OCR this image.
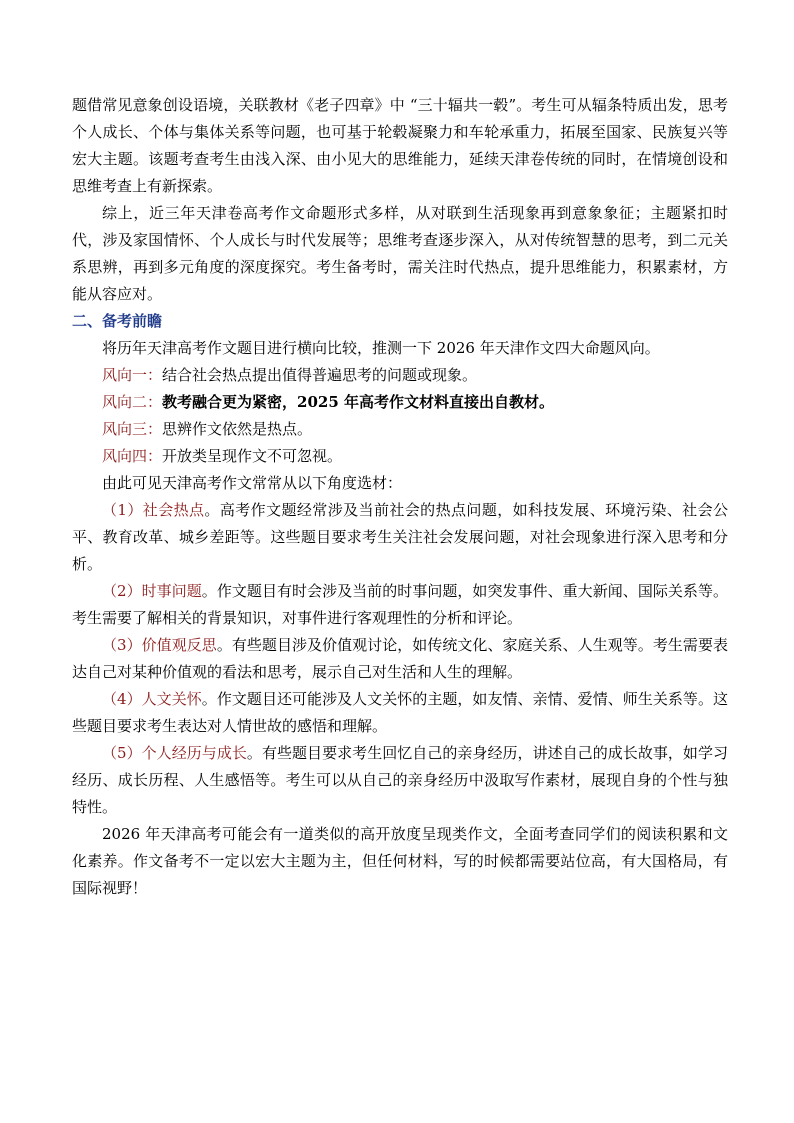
题借常见意象创设语境，关联教材《老子四章》中 “三十辐共一毂”。考生可从辐条特质出发，思考个人成长、个体与集体关系等问题，也可基于轮毂凝聚力和车轮承重力，拓展至国家、民族复兴等宏大主题。该题考查考生由浅入深、由小见大的思维能力，延续天津卷传统的同时，在情境创设和思维考查上有新探索。

综上，近三年天津卷高考作文命题形式多样，从对联到生活现象再到意象象征；主题紧扣时代，涉及家国情怀、个人成长与时代发展等；思维考查逐步深入，从对传统智慧的思考，到二元关系思辨，再到多元角度的深度探究。考生备考时，需关注时代热点，提升思维能力，积累素材，方能从容应对。

二、备考前瞻

将历年天津高考作文题目进行横向比较，推测一下 2026 年天津作文四大命题风向。

风向一：结合社会热点提出值得普遍思考的问题或现象。

风向二：教考融合更为紧密，2025 年高考作文材料直接出自教材。

风向三：思辨作文依然是热点。

风向四：开放类呈现作文不可忽视。

由此可见天津高考作文常常从以下角度选材：

（1）社会热点。高考作文题经常涉及当前社会的热点问题，如科技发展、环境污染、社会公平、教育改革、城乡差距等。这些题目要求考生关注社会发展问题，对社会现象进行深入思考和分析。

（2）时事问题。作文题目有时会涉及当前的时事问题，如突发事件、重大新闻、国际关系等。考生需要了解相关的背景知识，对事件进行客观理性的分析和评论。

（3）价值观反思。有些题目涉及价值观讨论，如传统文化、家庭关系、人生观等。考生需要表达自己对某种价值观的看法和思考，展示自己对生活和人生的理解。

（4）人文关怀。作文题目还可能涉及人文关怀的主题，如友情、亲情、爱情、师生关系等。这些题目要求考生表达对人情世故的感悟和理解。

（5）个人经历与成长。有些题目要求考生回忆自己的亲身经历，讲述自己的成长故事，如学习经历、成长历程、人生感悟等。考生可以从自己的亲身经历中汲取写作素材，展现自身的个性与独特性。

2026 年天津高考可能会有一道类似的高开放度呈现类作文，全面考查同学们的阅读积累和文化素养。作文备考不一定以宏大主题为主，但任何材料，写的时候都需要站位高，有大国格局，有国际视野！
